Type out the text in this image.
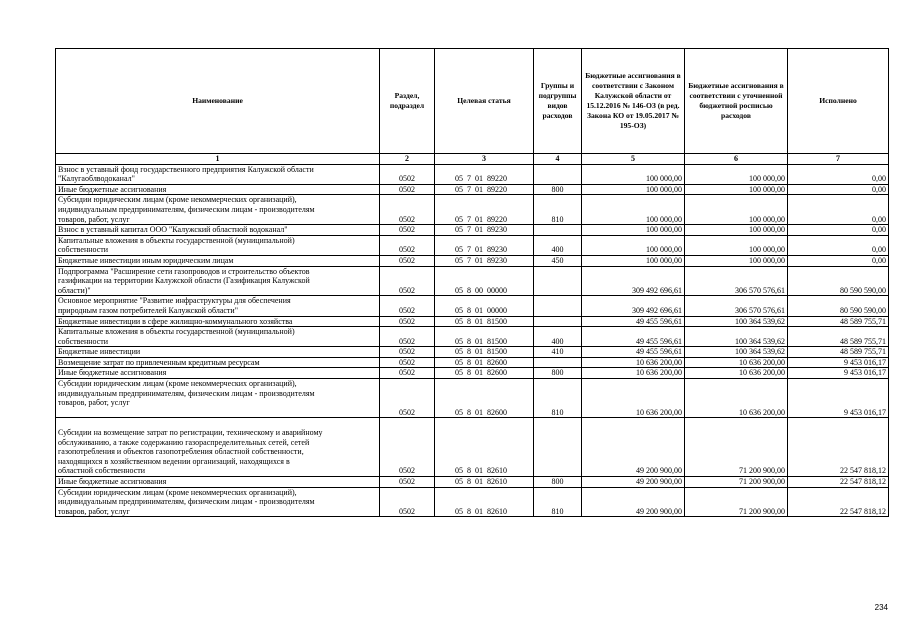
Наименование	Раздел, подраздел	Целевая статья	Группы и подгруппы видов расходов	Бюджетные ассигнования в соответствии с Законом Калужской области от 15.12.2016 № 146-ОЗ (в ред. Закона КО от 19.05.2017 № 195-ОЗ)	Бюджетные ассигнования в соответствии с уточненной бюджетной росписью расходов	Исполнено
1	2	3	4	5	6	7

Взнос в уставный фонд государственного предприятия Калужской области
"Калугаоблводоканал"	0502	05  7  01  89220		100 000,00	100 000,00	0,00

Иные бюджетные ассигнования	0502	05  7  01  89220	800	100 000,00	100 000,00	0,00

Субсидии юридическим лицам (кроме некоммерческих организаций),
индивидуальным предпринимателям, физическим лицам - производителям
товаров, работ, услуг	0502	05  7  01  89220	810	100 000,00	100 000,00	0,00

Взнос в уставный капитал ООО "Калужский областной водоканал"	0502	05  7  01  89230		100 000,00	100 000,00	0,00

Капитальные вложения в объекты государственной (муниципальной)
собственности	0502	05  7  01  89230	400	100 000,00	100 000,00	0,00

Бюджетные инвестиции иным юридическим лицам	0502	05  7  01  89230	450	100 000,00	100 000,00	0,00

Подпрограмма "Расширение сети газопроводов и строительство объектов
газификации на территории Калужской области (Газификация Калужской
области)"	0502	05  8  00  00000		309 492 696,61	306 570 576,61	80 590 590,00

Основное мероприятие "Развитие инфраструктуры для обеспечения
природным газом потребителей Калужской области"	0502	05  8  01  00000		309 492 696,61	306 570 576,61	80 590 590,00

Бюджетные инвестиции в сфере жилищно-коммунального хозяйства	0502	05  8  01  81500		49 455 596,61	100 364 539,62	48 589 755,71

Капитальные вложения в объекты государственной (муниципальной)
собственности	0502	05  8  01  81500	400	49 455 596,61	100 364 539,62	48 589 755,71

Бюджетные инвестиции	0502	05  8  01  81500	410	49 455 596,61	100 364 539,62	48 589 755,71

Возмещение затрат по привлеченным кредитным ресурсам	0502	05  8  01  82600		10 636 200,00	10 636 200,00	9 453 016,17

Иные бюджетные ассигнования	0502	05  8  01  82600	800	10 636 200,00	10 636 200,00	9 453 016,17

Субсидии юридическим лицам (кроме некоммерческих организаций),
индивидуальным предпринимателям, физическим лицам - производителям
товаров, работ, услуг	0502	05  8  01  82600	810	10 636 200,00	10 636 200,00	9 453 016,17

Субсидии на возмещение затрат по регистрации, техническому и аварийному
обслуживанию, а также содержанию газораспределительных сетей, сетей
газопотребления и объектов газопотребления областной собственности,
находящихся в хозяйственном ведении организаций, находящихся в
областной собственности	0502	05  8  01  82610		49 200 900,00	71 200 900,00	22 547 818,12

Иные бюджетные ассигнования	0502	05  8  01  82610	800	49 200 900,00	71 200 900,00	22 547 818,12

Субсидии юридическим лицам (кроме некоммерческих организаций),
индивидуальным предпринимателям, физическим лицам - производителям
товаров, работ, услуг	0502	05  8  01  82610	810	49 200 900,00	71 200 900,00	22 547 818,12
234
